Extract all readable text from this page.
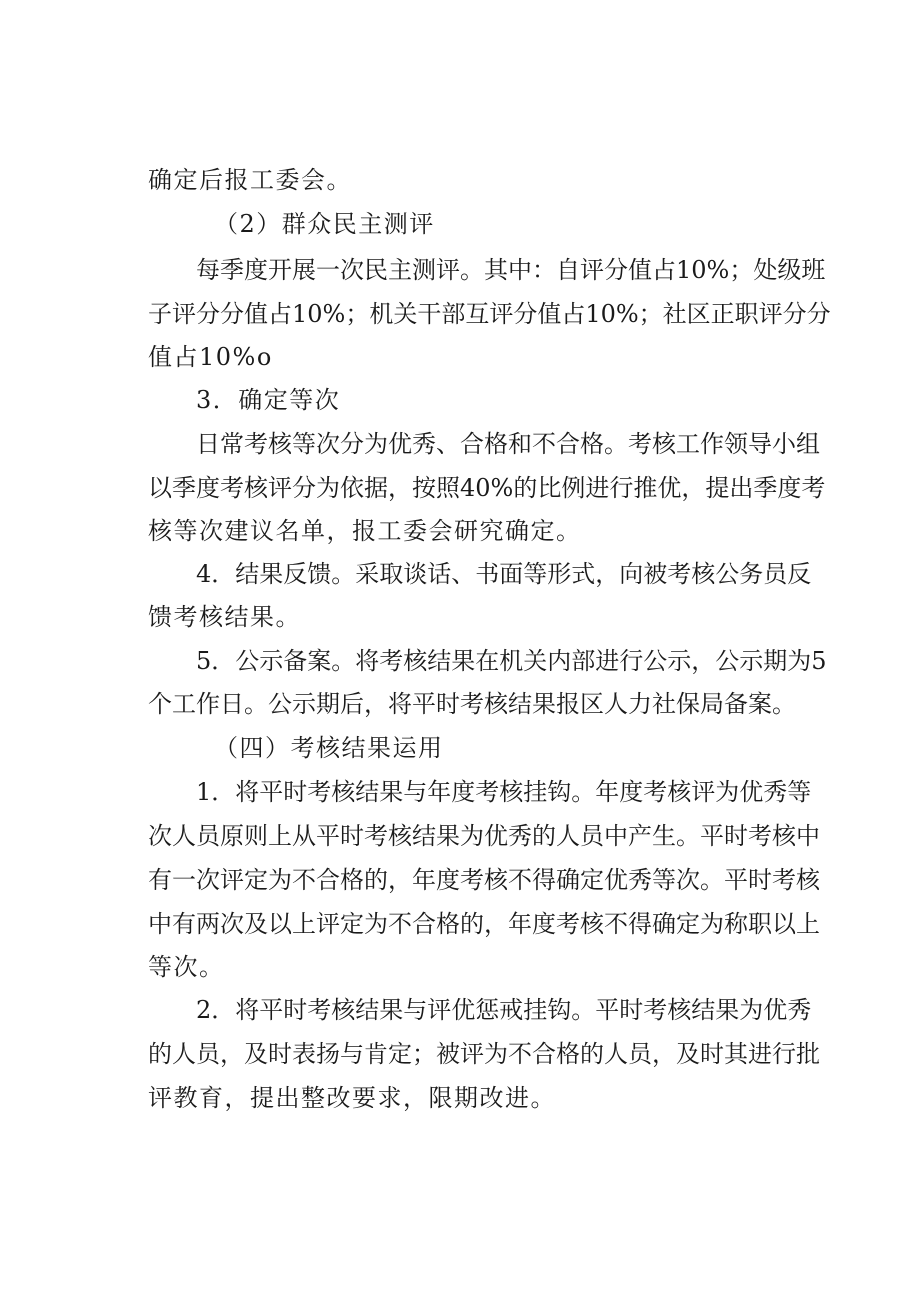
确定后报工委会。
（2）群众民主测评
每季度开展一次民主测评。其中：自评分值占10%；处级班
子评分分值占10%；机关干部互评分值占10%；社区正职评分分
值占10%o
3．确定等次
日常考核等次分为优秀、合格和不合格。考核工作领导小组
以季度考核评分为依据，按照40%的比例进行推优，提出季度考
核等次建议名单，报工委会研究确定。
4．结果反馈。采取谈话、书面等形式，向被考核公务员反
馈考核结果。
5．公示备案。将考核结果在机关内部进行公示，公示期为5
个工作日。公示期后，将平时考核结果报区人力社保局备案。
（四）考核结果运用
1．将平时考核结果与年度考核挂钩。年度考核评为优秀等
次人员原则上从平时考核结果为优秀的人员中产生。平时考核中
有一次评定为不合格的，年度考核不得确定优秀等次。平时考核
中有两次及以上评定为不合格的，年度考核不得确定为称职以上
等次。
2．将平时考核结果与评优惩戒挂钩。平时考核结果为优秀
的人员，及时表扬与肯定；被评为不合格的人员，及时其进行批
评教育，提出整改要求，限期改进。
